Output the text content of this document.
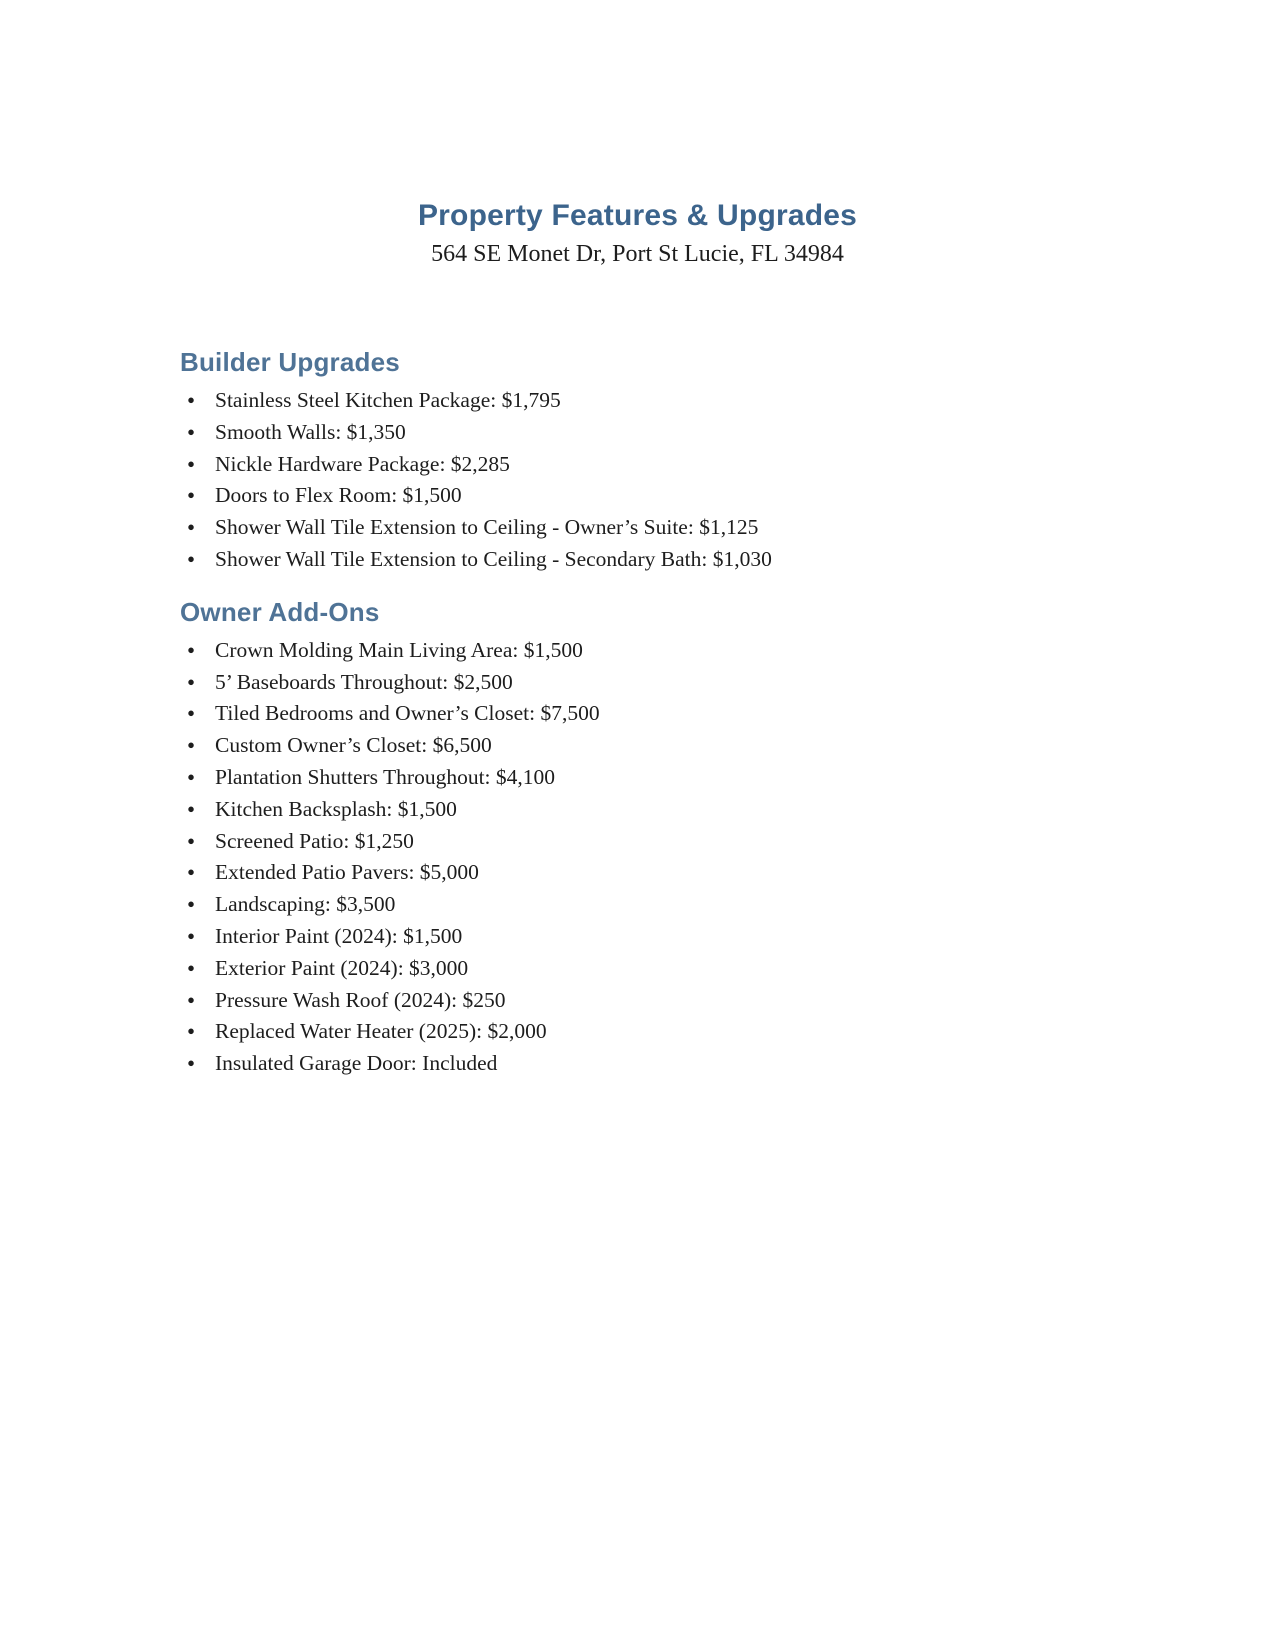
Property Features & Upgrades

564 SE Monet Dr, Port St Lucie, FL 34984

Builder Upgrades
• Stainless Steel Kitchen Package: $1,795
• Smooth Walls: $1,350
• Nickle Hardware Package: $2,285
• Doors to Flex Room: $1,500
• Shower Wall Tile Extension to Ceiling - Owner’s Suite: $1,125
• Shower Wall Tile Extension to Ceiling - Secondary Bath: $1,030
Owner Add-Ons
• Crown Molding Main Living Area: $1,500
• 5’ Baseboards Throughout: $2,500
• Tiled Bedrooms and Owner’s Closet: $7,500
• Custom Owner’s Closet: $6,500
• Plantation Shutters Throughout: $4,100
• Kitchen Backsplash: $1,500
• Screened Patio: $1,250
• Extended Patio Pavers: $5,000
• Landscaping: $3,500
• Interior Paint (2024): $1,500
• Exterior Paint (2024): $3,000
• Pressure Wash Roof (2024): $250
• Replaced Water Heater (2025): $2,000
• Insulated Garage Door: Included
